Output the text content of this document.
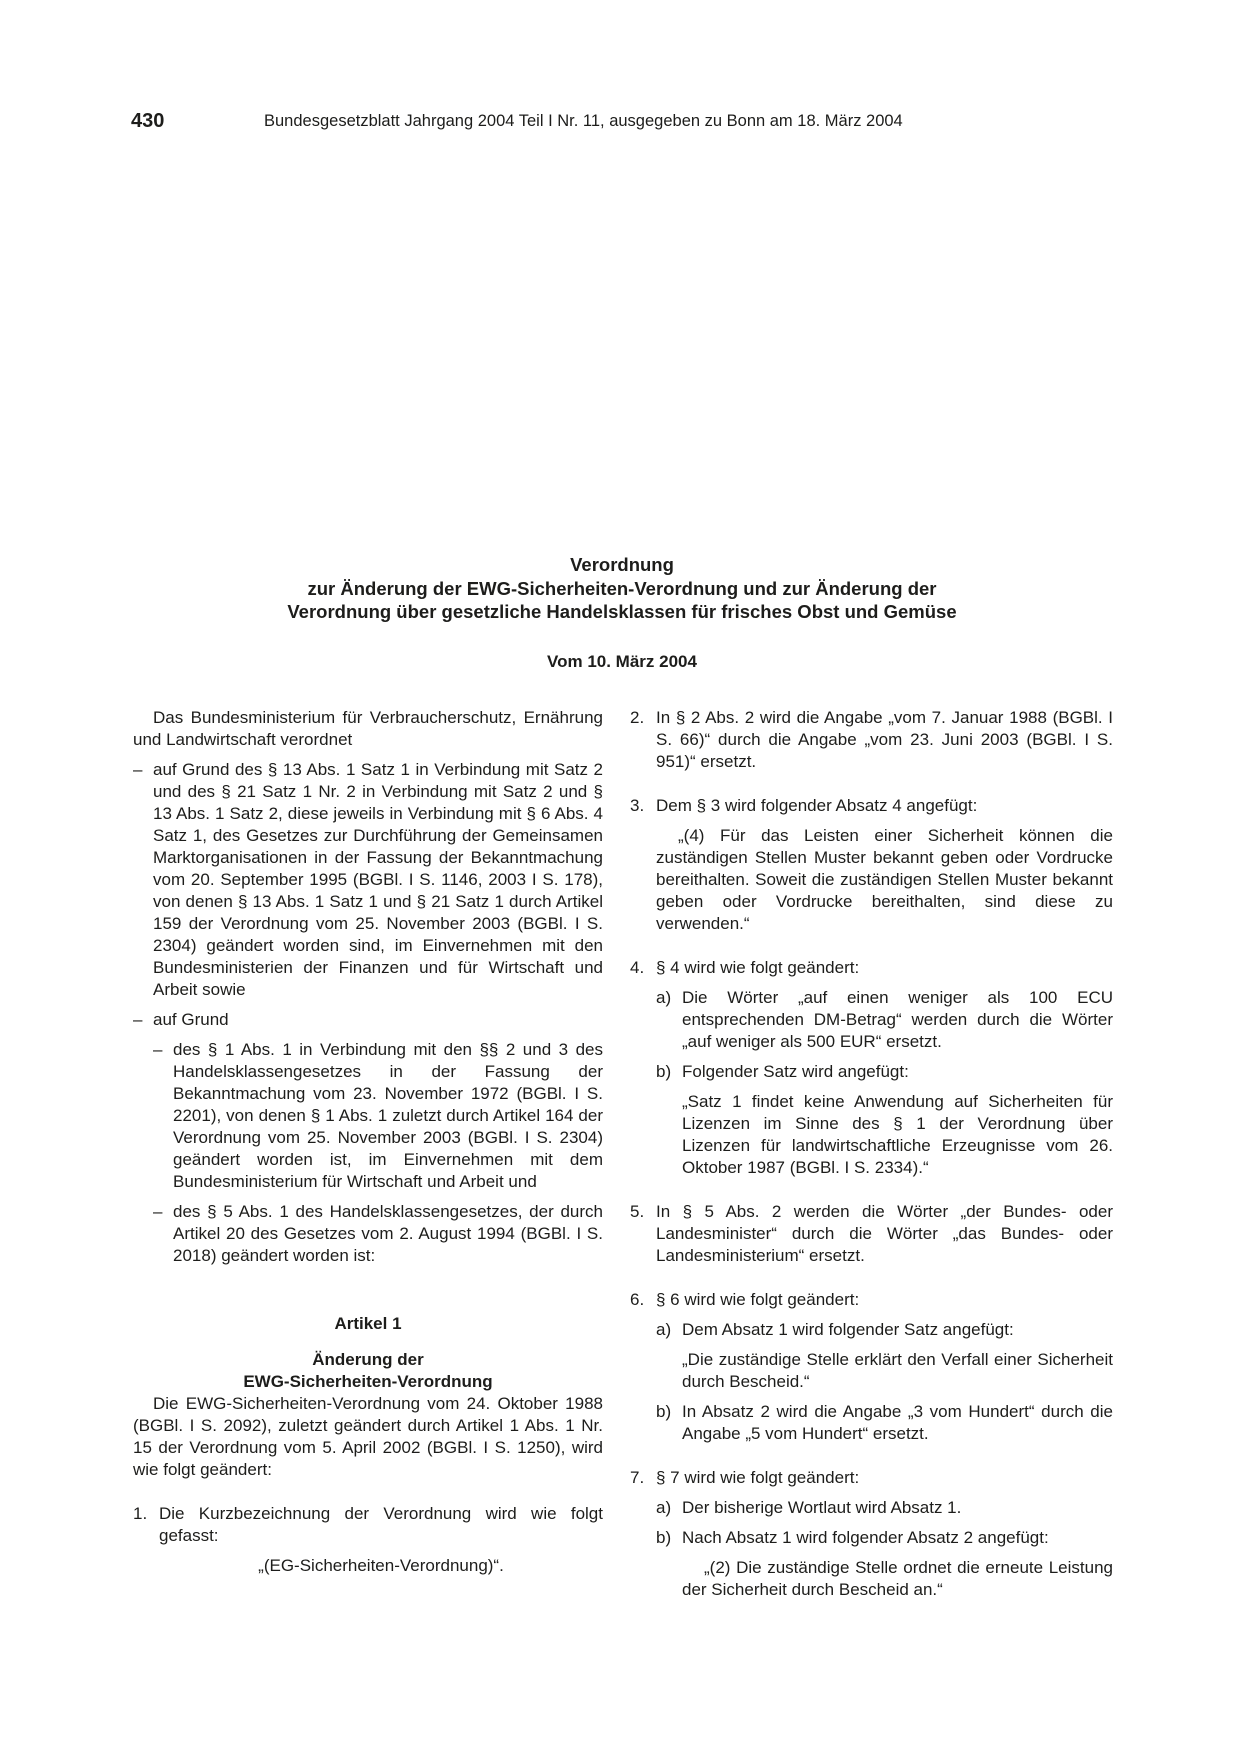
430	Bundesgesetzblatt Jahrgang 2004 Teil I Nr. 11, ausgegeben zu Bonn am 18. März 2004
Verordnung
zur Änderung der EWG-Sicherheiten-Verordnung und zur Änderung der
Verordnung über gesetzliche Handelsklassen für frisches Obst und Gemüse
Vom 10. März 2004

Das Bundesministerium für Verbraucherschutz, Ernährung und Landwirtschaft verordnet

– auf Grund des § 13 Abs. 1 Satz 1 in Verbindung mit Satz 2 und des § 21 Satz 1 Nr. 2 in Verbindung mit Satz 2 und § 13 Abs. 1 Satz 2, diese jeweils in Verbindung mit § 6 Abs. 4 Satz 1, des Gesetzes zur Durchführung der Gemeinsamen Marktorganisationen in der Fassung der Bekanntmachung vom 20. September 1995 (BGBl. I S. 1146, 2003 I S. 178), von denen § 13 Abs. 1 Satz 1 und § 21 Satz 1 durch Artikel 159 der Verordnung vom 25. November 2003 (BGBl. I S. 2304) geändert worden sind, im Einvernehmen mit den Bundesministerien der Finanzen und für Wirtschaft und Arbeit sowie
– auf Grund
– des § 1 Abs. 1 in Verbindung mit den §§ 2 und 3 des Handelsklassengesetzes in der Fassung der Bekanntmachung vom 23. November 1972 (BGBl. I S. 2201), von denen § 1 Abs. 1 zuletzt durch Artikel 164 der Verordnung vom 25. November 2003 (BGBl. I S. 2304) geändert worden ist, im Einvernehmen mit dem Bundesministerium für Wirtschaft und Arbeit und
– des § 5 Abs. 1 des Handelsklassengesetzes, der durch Artikel 20 des Gesetzes vom 2. August 1994 (BGBl. I S. 2018) geändert worden ist:
Artikel 1
Änderung der
EWG-Sicherheiten-Verordnung

Die EWG-Sicherheiten-Verordnung vom 24. Oktober 1988 (BGBl. I S. 2092), zuletzt geändert durch Artikel 1 Abs. 1 Nr. 15 der Verordnung vom 5. April 2002 (BGBl. I S. 1250), wird wie folgt geändert:

1. Die Kurzbezeichnung der Verordnung wird wie folgt gefasst:
„(EG-Sicherheiten-Verordnung)“.
2. In § 2 Abs. 2 wird die Angabe „vom 7. Januar 1988 (BGBl. I S. 66)“ durch die Angabe „vom 23. Juni 2003 (BGBl. I S. 951)“ ersetzt.
3. Dem § 3 wird folgender Absatz 4 angefügt:
„(4) Für das Leisten einer Sicherheit können die zuständigen Stellen Muster bekannt geben oder Vordrucke bereithalten. Soweit die zuständigen Stellen Muster bekannt geben oder Vordrucke bereithalten, sind diese zu verwenden.“
4. § 4 wird wie folgt geändert:
a) Die Wörter „auf einen weniger als 100 ECU entsprechenden DM-Betrag“ werden durch die Wörter „auf weniger als 500 EUR“ ersetzt.
b) Folgender Satz wird angefügt:
„Satz 1 findet keine Anwendung auf Sicherheiten für Lizenzen im Sinne des § 1 der Verordnung über Lizenzen für landwirtschaftliche Erzeugnisse vom 26. Oktober 1987 (BGBl. I S. 2334).“
5. In § 5 Abs. 2 werden die Wörter „der Bundes- oder Landesminister“ durch die Wörter „das Bundes- oder Landesministerium“ ersetzt.
6. § 6 wird wie folgt geändert:
a) Dem Absatz 1 wird folgender Satz angefügt:
„Die zuständige Stelle erklärt den Verfall einer Sicherheit durch Bescheid.“
b) In Absatz 2 wird die Angabe „3 vom Hundert“ durch die Angabe „5 vom Hundert“ ersetzt.
7. § 7 wird wie folgt geändert:
a) Der bisherige Wortlaut wird Absatz 1.
b) Nach Absatz 1 wird folgender Absatz 2 angefügt:
„(2) Die zuständige Stelle ordnet die erneute Leistung der Sicherheit durch Bescheid an.“
